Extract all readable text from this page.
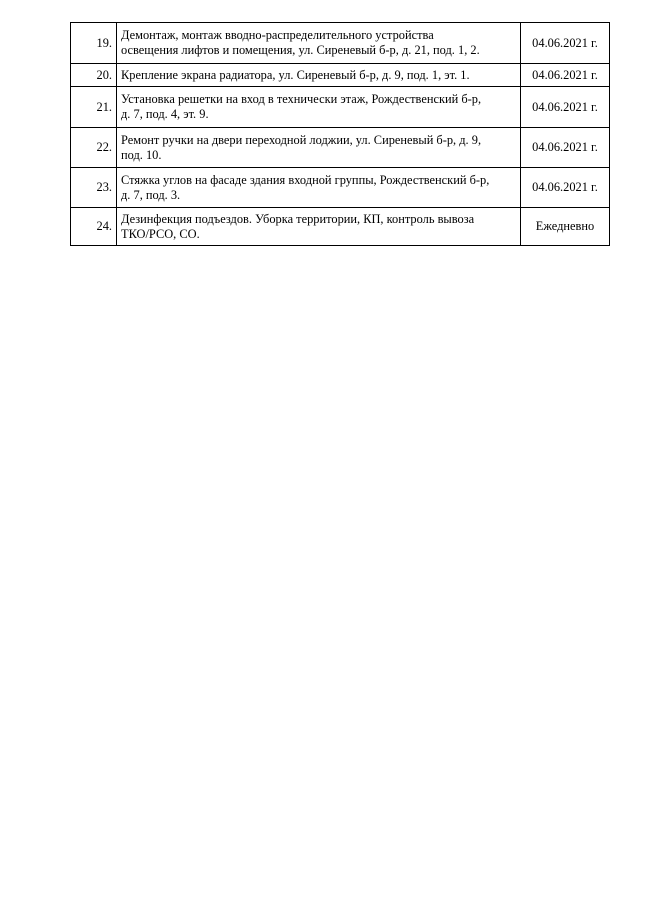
19.	Демонтаж, монтаж вводно-распределительного устройства
освещения лифтов и помещения, ул. Сиреневый б-р, д. 21, под. 1, 2.	04.06.2021 г.
20.	Крепление экрана радиатора, ул. Сиреневый б-р, д. 9, под. 1, эт. 1.	04.06.2021 г.
21.	Установка решетки на вход в технически этаж, Рождественский б-р,
д. 7, под. 4, эт. 9.	04.06.2021 г.
22.	Ремонт ручки на двери переходной лоджии, ул. Сиреневый б-р, д. 9,
под. 10.	04.06.2021 г.
23.	Стяжка углов на фасаде здания входной группы, Рождественский б-р,
д. 7, под. 3.	04.06.2021 г.
24.	Дезинфекция подъездов. Уборка территории, КП, контроль вывоза
ТКО/РСО, СО.	Ежедневно
